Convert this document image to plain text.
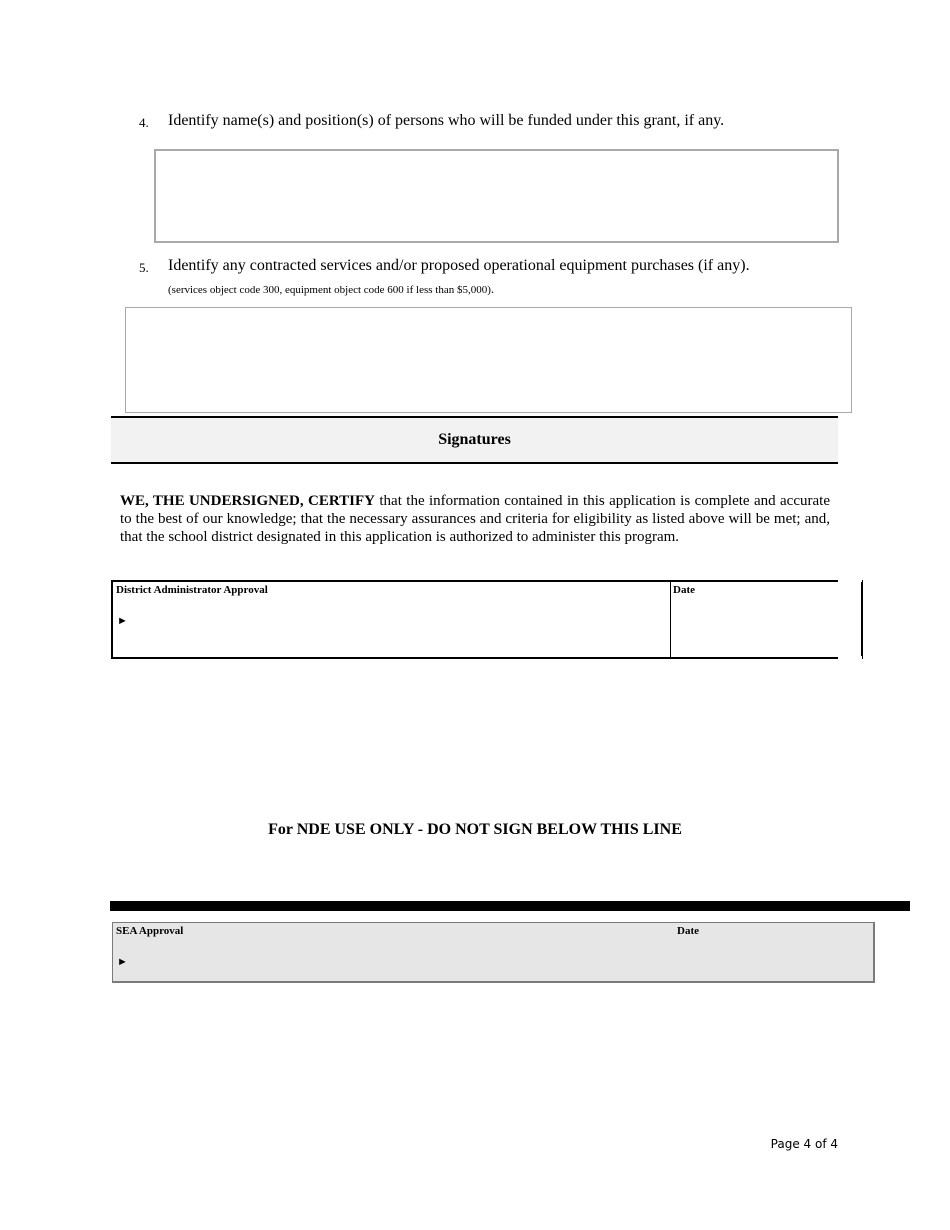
4. Identify name(s) and position(s) of persons who will be funded under this grant, if any.
5. Identify any contracted services and/or proposed operational equipment purchases (if any).
(services object code 300, equipment object code 600 if less than $5,000).
Signatures
WE, THE UNDERSIGNED, CERTIFY that the information contained in this application is complete and accurate to the best of our knowledge; that the necessary assurances and criteria for eligibility as listed above will be met; and, that the school district designated in this application is authorized to administer this program.
District Administrator Approval
►
Date
For NDE USE ONLY - DO NOT SIGN BELOW THIS LINE
SEA Approval
►
Date
Page 4 of 4
